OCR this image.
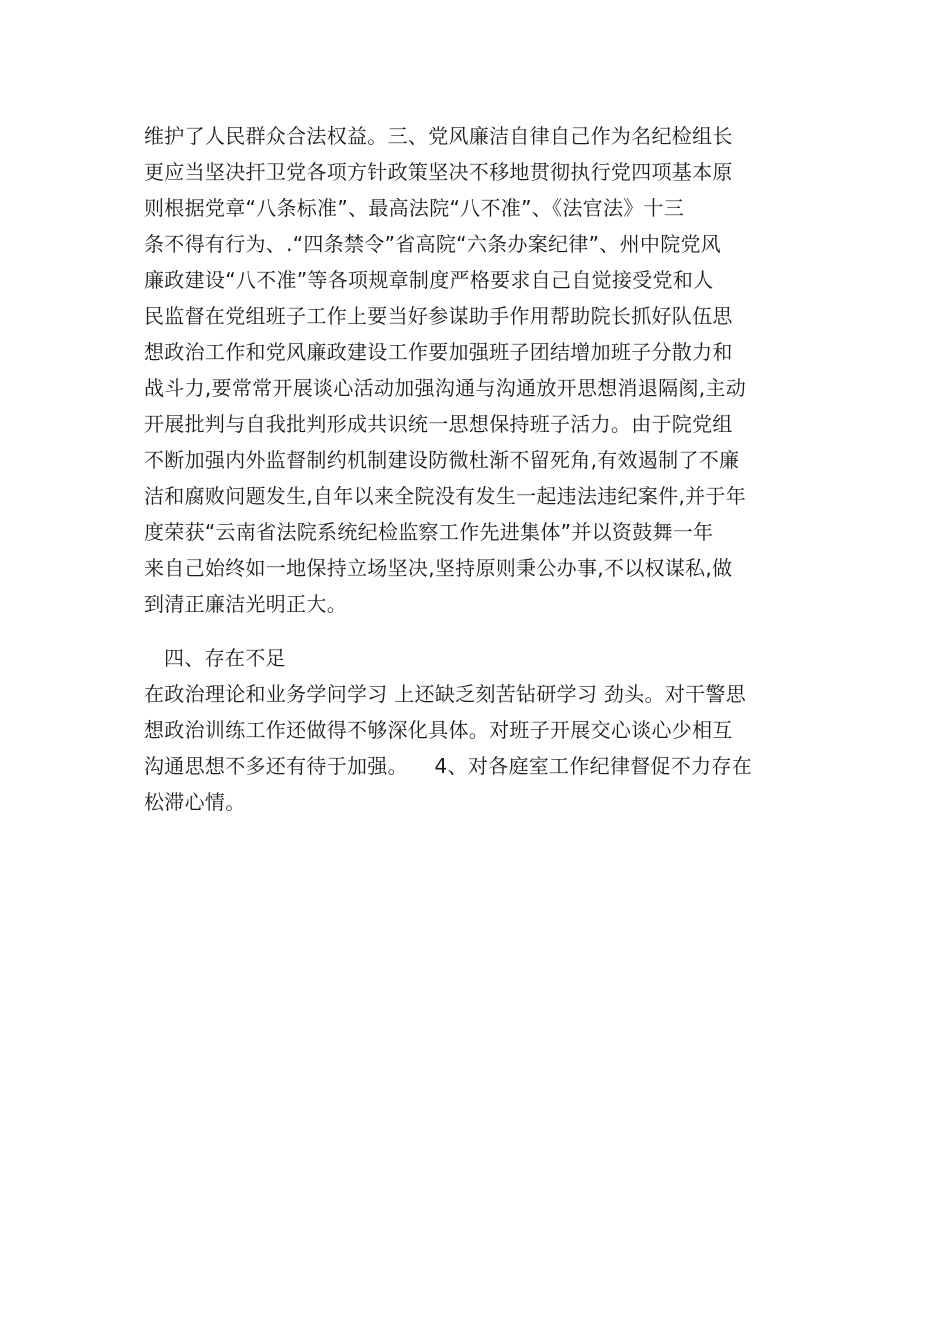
维护了人民群众合法权益。三、党风廉洁自律自己作为名纪检组长
更应当坚决扞卫党各项方针政策坚决不移地贯彻执行党四项基本原
则根据党章“八条标准”、最高法院“八不准”、《法官法》十三
条不得有行为、.“四条禁令”省高院“六条办案纪律”、州中院党风
廉政建设“八不准”等各项规章制度严格要求自己自觉接受党和人
民监督在党组班子工作上要当好参谋助手作用帮助院长抓好队伍思
想政治工作和党风廉政建设工作要加强班子团结增加班子分散力和
战斗力,要常常开展谈心活动加强沟通与沟通放开思想消退隔阂,主动
开展批判与自我批判形成共识统一思想保持班子活力。由于院党组
不断加强内外监督制约机制建设防微杜渐不留死角,有效遏制了不廉
洁和腐败问题发生,自年以来全院没有发生一起违法违纪案件,并于年
度荣获“云南省法院系统纪检监察工作先进集体”并以资鼓舞一年
来自己始终如一地保持立场坚决,坚持原则秉公办事,不以权谋私,做
到清正廉洁光明正大。
四、存在不足
在政治理论和业务学问学习 上还缺乏刻苦钻研学习 劲头。对干警思
想政治训练工作还做得不够深化具体。对班子开展交心谈心少相互
沟通思想不多还有待于加强。    4、对各庭室工作纪律督促不力存在
松滞心情。
